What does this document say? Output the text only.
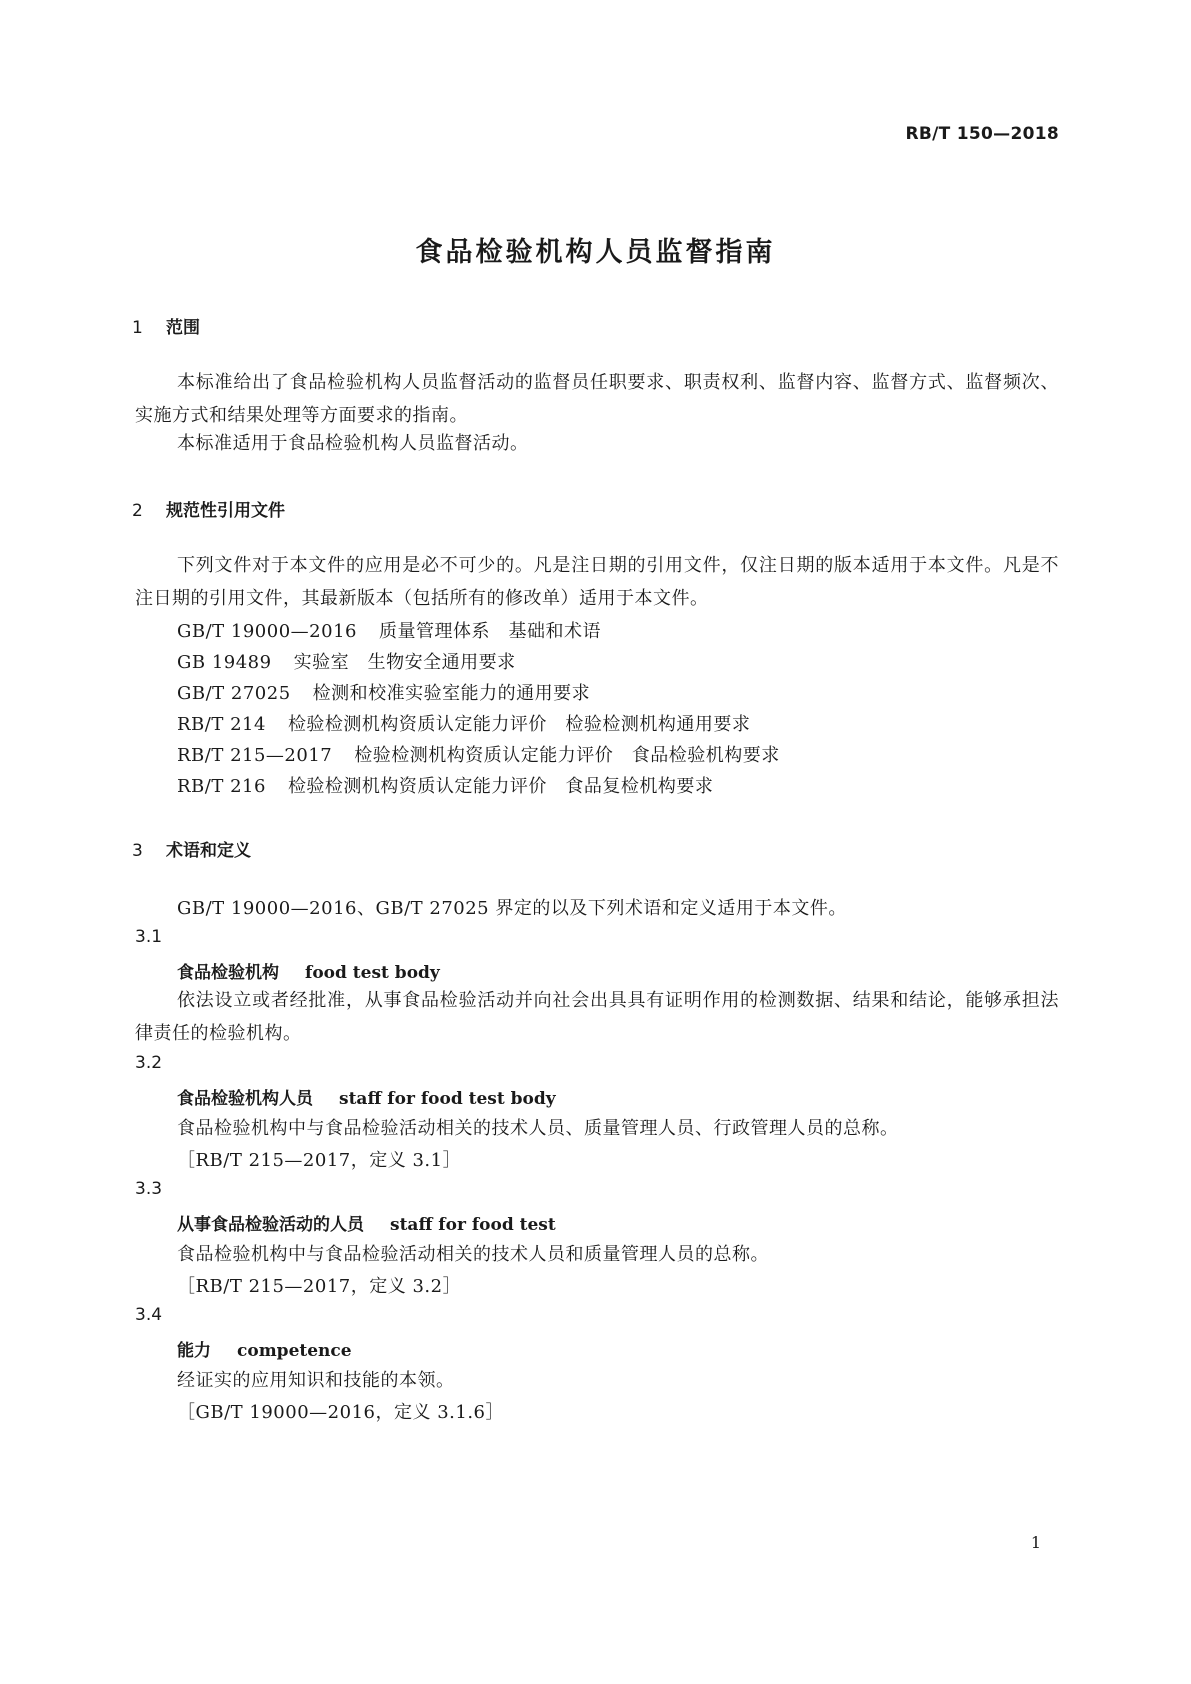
RB/T 150—2018
食品检验机构人员监督指南
1 范围
本标准给出了食品检验机构人员监督活动的监督员任职要求、职责权利、监督内容、监督方式、监督频次、实施方式和结果处理等方面要求的指南。
本标准适用于食品检验机构人员监督活动。
2 规范性引用文件
下列文件对于本文件的应用是必不可少的。凡是注日期的引用文件，仅注日期的版本适用于本文件。凡是不注日期的引用文件，其最新版本（包括所有的修改单）适用于本文件。
GB/T 19000—2016 质量管理体系　基础和术语
GB 19489 实验室　生物安全通用要求
GB/T 27025 检测和校准实验室能力的通用要求
RB/T 214 检验检测机构资质认定能力评价　检验检测机构通用要求
RB/T 215—2017 检验检测机构资质认定能力评价　食品检验机构要求
RB/T 216 检验检测机构资质认定能力评价　食品复检机构要求
3 术语和定义
GB/T 19000—2016、GB/T 27025 界定的以及下列术语和定义适用于本文件。
3.1
食品检验机构 food test body
依法设立或者经批准，从事食品检验活动并向社会出具具有证明作用的检测数据、结果和结论，能够承担法律责任的检验机构。
3.2
食品检验机构人员 staff for food test body
食品检验机构中与食品检验活动相关的技术人员、质量管理人员、行政管理人员的总称。
［RB/T 215—2017，定义 3.1］
3.3
从事食品检验活动的人员 staff for food test
食品检验机构中与食品检验活动相关的技术人员和质量管理人员的总称。
［RB/T 215—2017，定义 3.2］
3.4
能力 competence
经证实的应用知识和技能的本领。
［GB/T 19000—2016，定义 3.1.6］
1
